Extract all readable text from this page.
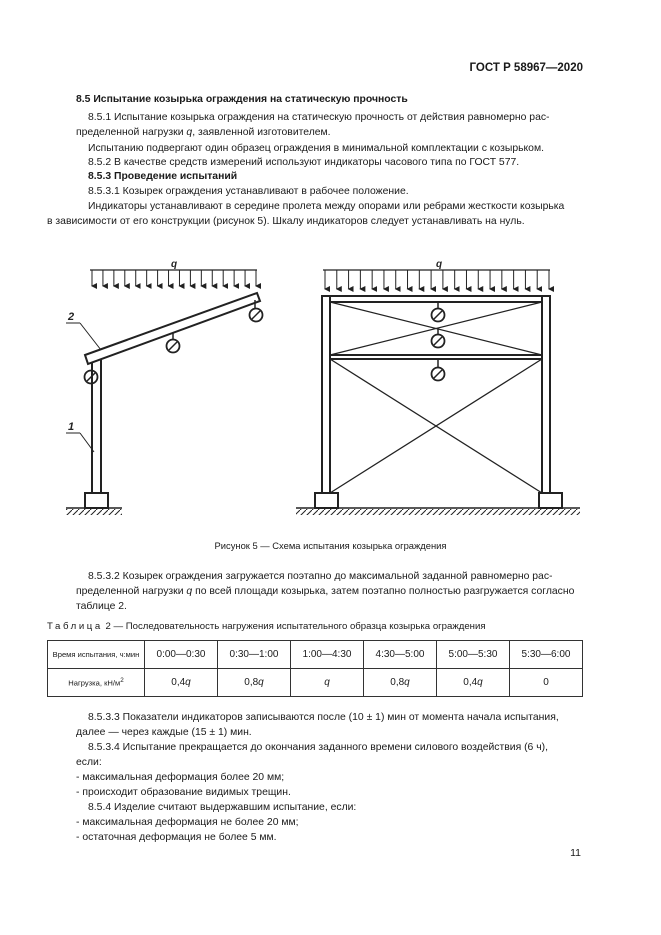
ГОСТ Р 58967—2020
8.5 Испытание козырька ограждения на статическую прочность
8.5.1 Испытание козырька ограждения на статическую прочность от действия равномерно рас-
пределенной нагрузки q, заявленной изготовителем.
Испытанию подвергают один образец ограждения в минимальной комплектации с козырьком.
8.5.2 В качестве средств измерений используют индикаторы часового типа по ГОСТ 577.
8.5.3 Проведение испытаний
8.5.3.1 Козырек ограждения устанавливают в рабочее положение.
Индикаторы устанавливают в середине пролета между опорами или ребрами жесткости козырька
в зависимости от его конструкции (рисунок 5). Шкалу индикаторов следует устанавливать на нуль.
q
2
1
q
Рисунок 5 — Схема испытания козырька ограждения
8.5.3.2 Козырек ограждения загружается поэтапно до максимальной заданной равномерно рас-
пределенной нагрузки q по всей площади козырька, затем поэтапно полностью разгружается согласно
таблице 2.
Таблица 2 — Последовательность нагружения испытательного образца козырька ограждения
Время испытания, ч:мин	0:00—0:30	0:30—1:00	1:00—4:30	4:30—5:00	5:00—5:30	5:30—6:00
Нагрузка, $кН/м^2$	0,4q	0,8q	q	0,8q	0,4q	0
8.5.3.3 Показатели индикаторов записываются после (10 ± 1) мин от момента начала испытания,
далее — через каждые (15 ± 1) мин.
8.5.3.4 Испытание прекращается до окончания заданного времени силового воздействия (6 ч),
если:
- максимальная деформация более 20 мм;
- происходит образование видимых трещин.
8.5.4 Изделие считают выдержавшим испытание, если:
- максимальная деформация не более 20 мм;
- остаточная деформация не более 5 мм.
11
